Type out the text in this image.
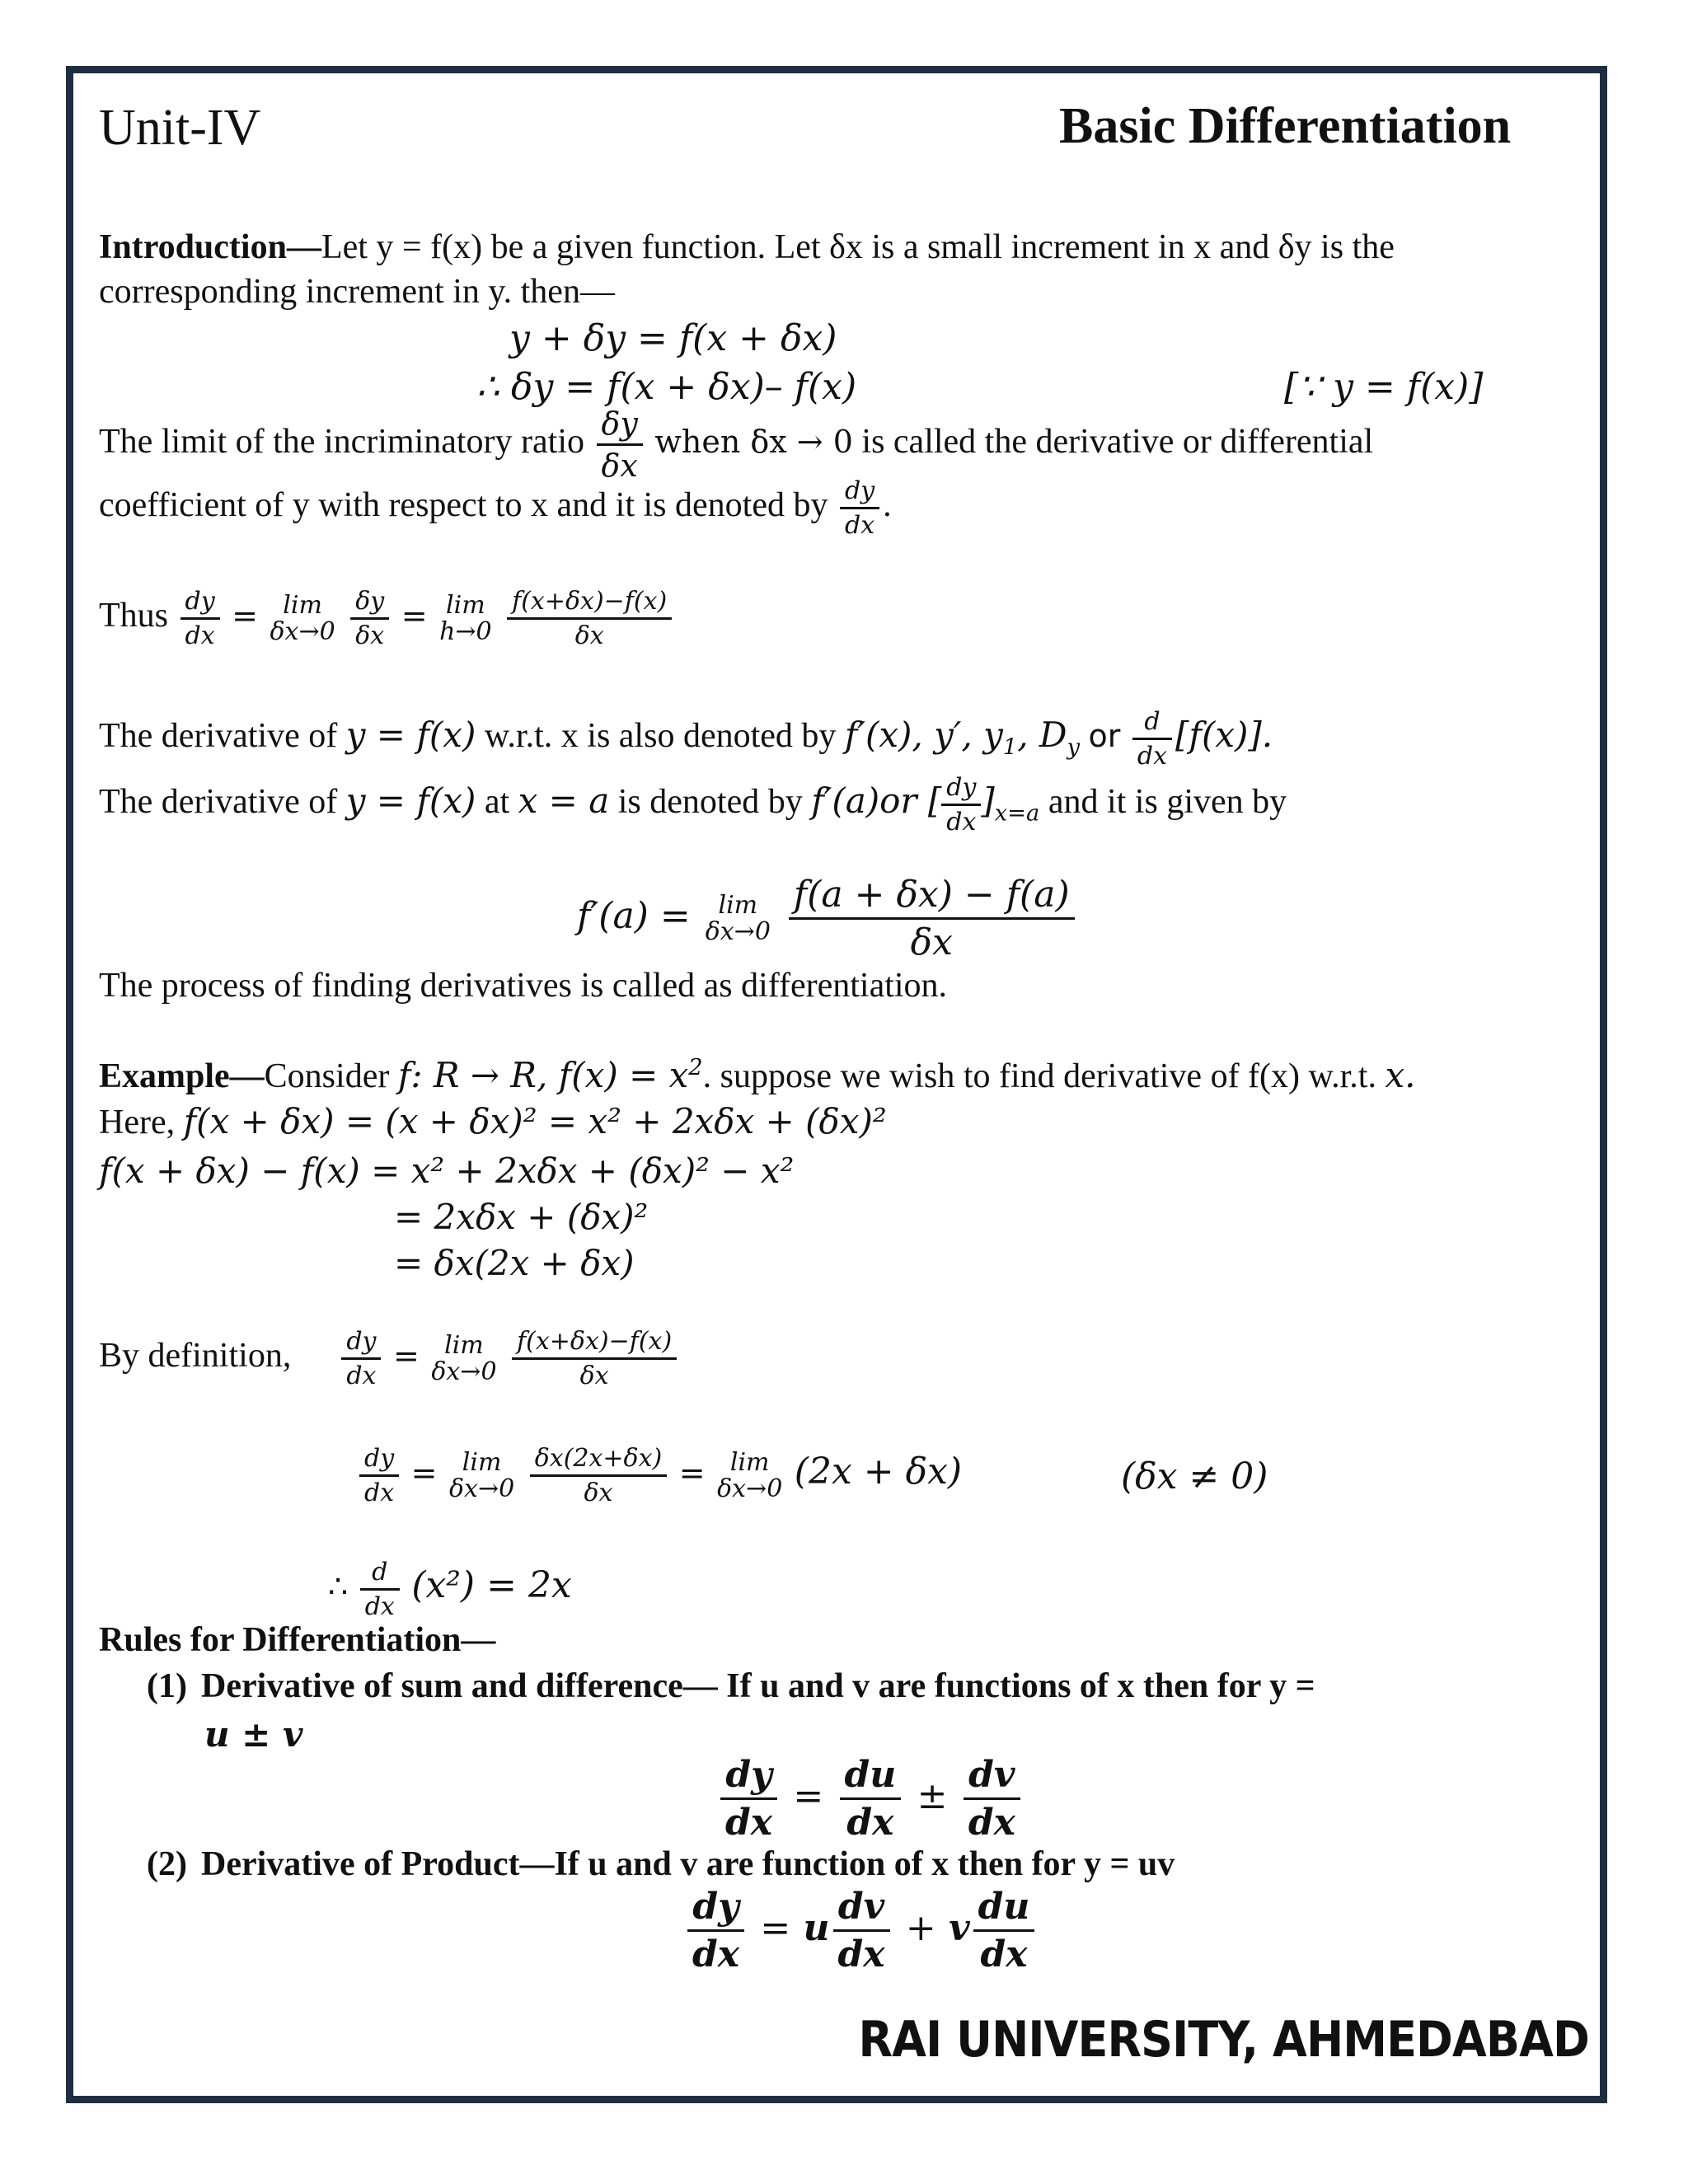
Unit-IV	Basic Differentiation
Introduction—Let y = f(x) be a given function. Let δx is a small increment in x and δy is the
corresponding increment in y. then—
y + δy = f(x + δx)
∴ δy = f(x + δx)– f(x)	[∵ y = f(x)]
The limit of the incriminatory ratio $\frac{\delta y}{\delta x}$ when δx → 0 is called the derivative or differential
coefficient of y with respect to x and it is denoted by $\frac{dy}{dx}$ .
Thus $\frac{dy}{dx}$ =	lim
δx→0
$\frac{\delta y}{\delta x} = \lim$
h→0
$\frac{f(x+\delta x)-f(x)}{\delta x}$
The derivative of y = f(x) w.r.t. x is also denoted by f′(x), y′, $y_1$, $D_y$ or $\frac{d}{dx} [f(x)]$.
The derivative of y = f(x) at x = a is denoted by f′(a)or [ $\frac{dy}{dx} ]_{x=a}$ and it is given by
f′(a) =	lim
δx→0
$\frac{f(a + \delta x) - f(a)}{\delta x}$
The process of finding derivatives is called as differentiation.
Example—Consider f: R → R, $f(x) = x^2$. suppose we wish to find derivative of f(x) w.r.t. x.
Here, f(x + δx) = (x + δx)² = x² + 2xδx + (δx)²
f(x + δx) − f(x) = x² + 2xδx + (δx)² − x²
= 2xδx + (δx)²
= δx(2x + δx)
By definition, $\frac{dy}{dx}$ =	lim
δx→0
$\frac{f(x+\delta x)-f(x)}{\delta x}$
$\frac{dy}{dx}$ =	lim
δx→0
$\frac{\delta x(2x+\delta x)}{\delta x}$ =	lim
δx→0 (2x + δx)	(δx ≠ 0)
∴ $\frac{d}{dx} (x^2) = 2x$
Rules for Differentiation—
(1) Derivative of sum and difference— If u and v are functions of x then for y =
u ± v
$\frac{dy}{dx} = \frac{du}{dx} \pm \frac{dv}{dx}$
(2) Derivative of Product—If u and v are function of x then for y = uv
$\frac{dy}{dx} = u \frac{dv}{dx} + v \frac{du}{dx}$
RAI UNIVERSITY, AHMEDABAD
